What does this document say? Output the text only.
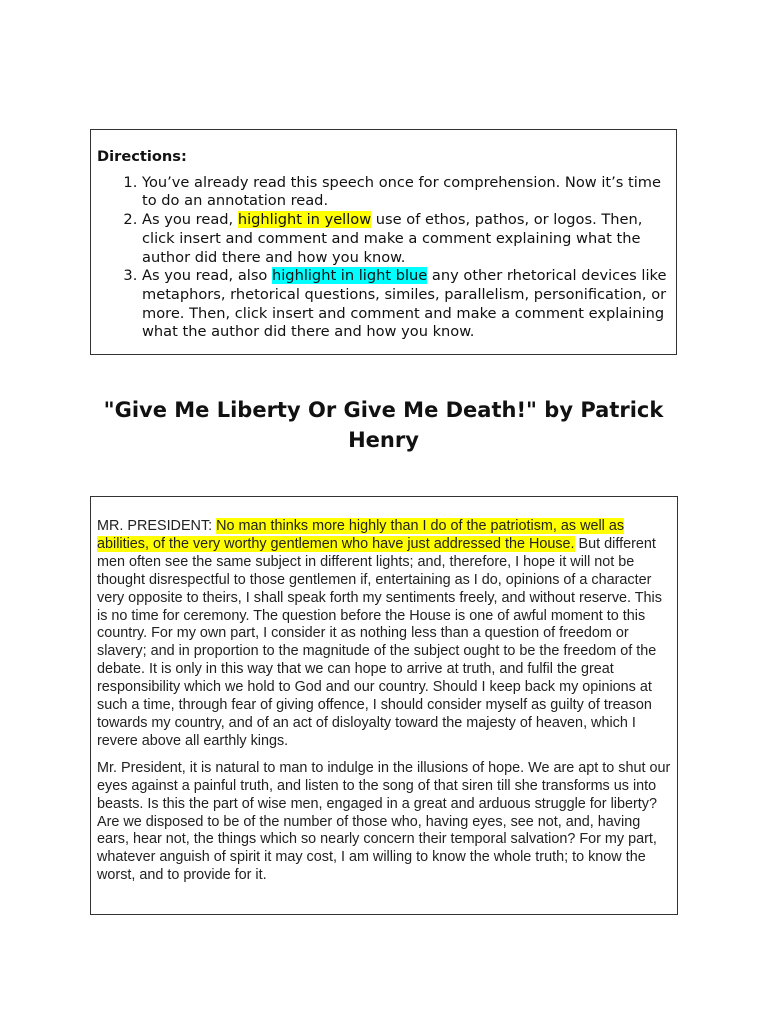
Directions:
1. You’ve already read this speech once for comprehension. Now it’s time to do an annotation read.
2. As you read, highlight in yellow use of ethos, pathos, or logos. Then, click insert and comment and make a comment explaining what the author did there and how you know.
3. As you read, also highlight in light blue any other rhetorical devices like metaphors, rhetorical questions, similes, parallelism, personification, or more. Then, click insert and comment and make a comment explaining what the author did there and how you know.
"Give Me Liberty Or Give Me Death!" by Patrick Henry

MR. PRESIDENT: No man thinks more highly than I do of the patriotism, as well as abilities, of the very worthy gentlemen who have just addressed the House. But different men often see the same subject in different lights; and, therefore, I hope it will not be thought disrespectful to those gentlemen if, entertaining as I do, opinions of a character very opposite to theirs, I shall speak forth my sentiments freely, and without reserve. This is no time for ceremony. The question before the House is one of awful moment to this country. For my own part, I consider it as nothing less than a question of freedom or slavery; and in proportion to the magnitude of the subject ought to be the freedom of the debate. It is only in this way that we can hope to arrive at truth, and fulfil the great responsibility which we hold to God and our country. Should I keep back my opinions at such a time, through fear of giving offence, I should consider myself as guilty of treason towards my country, and of an act of disloyalty toward the majesty of heaven, which I revere above all earthly kings.

Mr. President, it is natural to man to indulge in the illusions of hope. We are apt to shut our eyes against a painful truth, and listen to the song of that siren till she transforms us into beasts. Is this the part of wise men, engaged in a great and arduous struggle for liberty? Are we disposed to be of the number of those who, having eyes, see not, and, having ears, hear not, the things which so nearly concern their temporal salvation? For my part, whatever anguish of spirit it may cost, I am willing to know the whole truth; to know the worst, and to provide for it.
